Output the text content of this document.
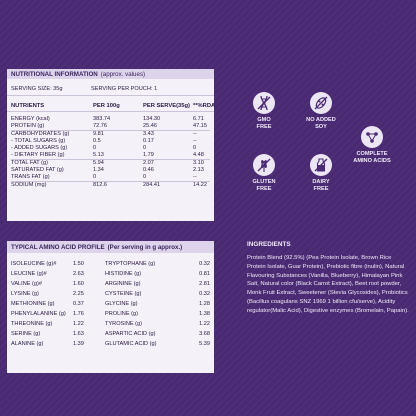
NUTRITIONAL INFORMATION (approx. values)
SERVING SIZE: 35g	SERVING PER POUCH: 1
NUTRIENTS	PER 100g	PER SERVE(35g) **%RDA
ENERGY (kcal)	383.74	134.30	6.71
PROTEIN (g)	72.76	25.46	47.15
CARBOHYDRATES (g)	9.81	3.43	--
- TOTAL SUGARS (g)	0.5	0.17	--
- ADDED SUGARS (g)	0	0	0
- DIETARY FIBER (g)	5.13	1.79	4.48
TOTAL FAT (g)	5.94	2.07	3.10
SATURATED FAT (g)	1.34	0.46	2.13
TRANS FAT (g)	0	0	--
SODIUM (mg)	812.6	284.41	14.22
TYPICAL AMINO ACID PROFILE (Per serving in g approx.)
ISOLEUCINE (g)#	1.50	TRYPTOPHANE (g)	0.32
LEUCINE (g)#	2.63	HISTIDINE (g)	0.81
VALINE (g)#	1.60	ARGININE (g)	2.81
LYSINE (g)	2.25	CYSTEINE (g)	0.32
METHIONINE (g)	0.37	GLYCINE (g)	1.28
PHENYLALANINE (g)	1.76	PROLINE (g)	1.38
THREONINE (g)	1.22	TYROSINE (g)	1.22
SERINE (g)	1.63	ASPARTIC ACID (g)	3.68
ALANINE (g)	1.39	GLUTAMIC ACID (g)	5.39
GMO
FREE
NO ADDED
SOY
COMPLETE
AMINO ACIDS
GLUTEN
FREE
DAIRY
FREE
INGREDIENTS
Protein Blend (92.5%) (Pea Protein Isolate, Brown Rice Protein Isolate, Guar Protein), Prebiotic fibre (inulin), Natural Flavouring Substances (Vanilla, Blueberry), Himalayan Pink Salt, Natural color (Black Carrot Extract), Beet root powder, Monk Fruit Extract, Sweetener (Stevia Glycosides), Probiotics (Bacillus coagulans SNZ 1969 1 billion cfu/serve), Acidity regulator(Malic Acid), Digestive enzymes (Bromelain, Papain).
